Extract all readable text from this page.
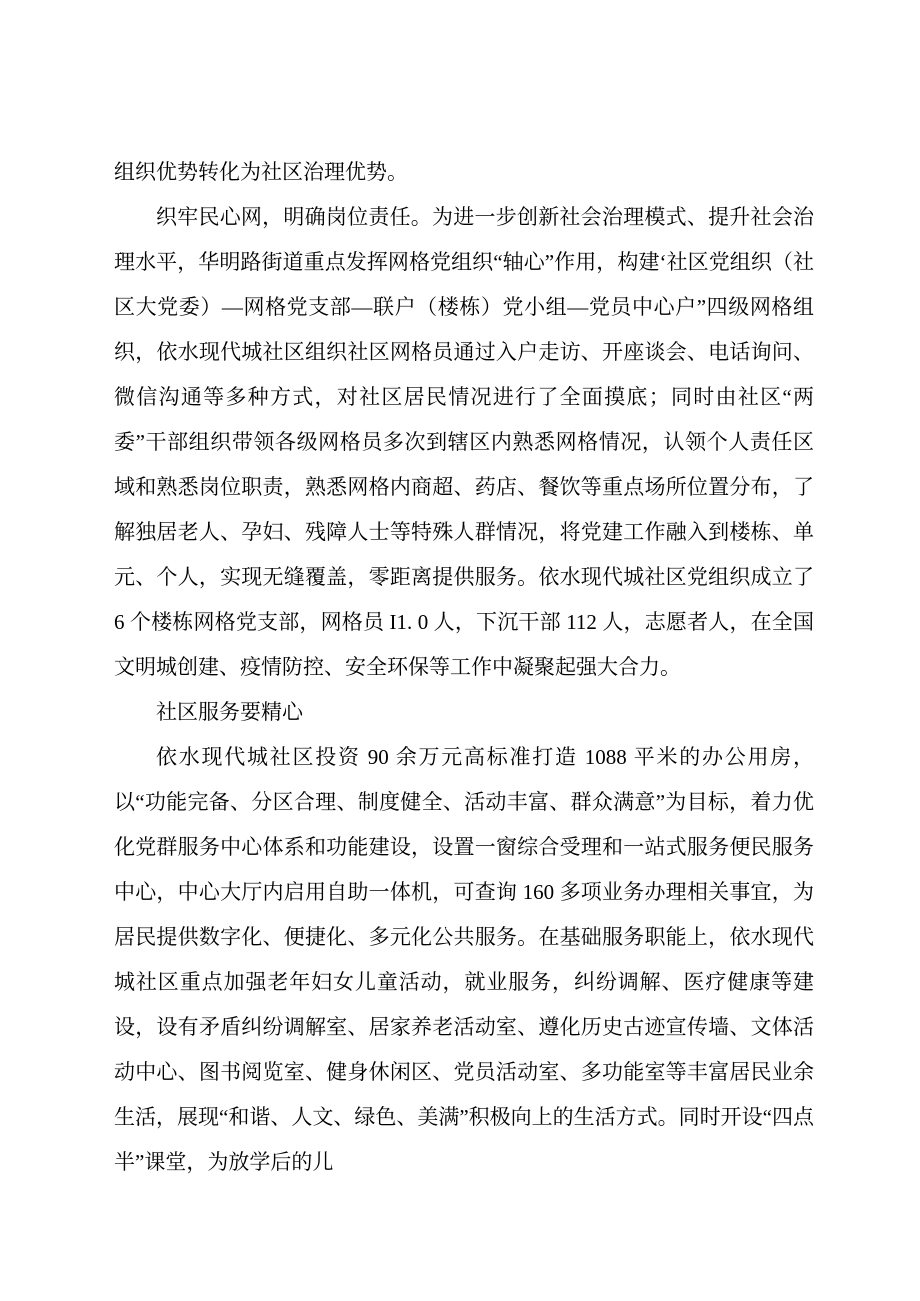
组织优势转化为社区治理优势。

织牢民心网，明确岗位责任。为进一步创新社会治理模式、提升社会治理水平，华明路街道重点发挥网格党组织“轴心”作用，构建‘社区党组织（社区大党委）—网格党支部—联户（楼栋）党小组—党员中心户”四级网格组织，依水现代城社区组织社区网格员通过入户走访、开座谈会、电话询问、微信沟通等多种方式，对社区居民情况进行了全面摸底；同时由社区“两委”干部组织带领各级网格员多次到辖区内熟悉网格情况，认领个人责任区域和熟悉岗位职责，熟悉网格内商超、药店、餐饮等重点场所位置分布，了解独居老人、孕妇、残障人士等特殊人群情况，将党建工作融入到楼栋、单元、个人，实现无缝覆盖，零距离提供服务。依水现代城社区党组织成立了 6 个楼栋网格党支部，网格员 I1. 0 人，下沉干部 112 人，志愿者人，在全国文明城创建、疫情防控、安全环保等工作中凝聚起强大合力。

社区服务要精心

依水现代城社区投资 90 余万元高标准打造 1088 平米的办公用房，以“功能完备、分区合理、制度健全、活动丰富、群众满意”为目标，着力优化党群服务中心体系和功能建设，设置一窗综合受理和一站式服务便民服务中心，中心大厅内启用自助一体机，可查询 160 多项业务办理相关事宜，为居民提供数字化、便捷化、多元化公共服务。在基础服务职能上，依水现代城社区重点加强老年妇女儿童活动，就业服务，纠纷调解、医疗健康等建设，设有矛盾纠纷调解室、居家养老活动室、遵化历史古迹宣传墙、文体活动中心、图书阅览室、健身休闲区、党员活动室、多功能室等丰富居民业余生活，展现“和谐、人文、绿色、美满”积极向上的生活方式。同时开设“四点半”课堂，为放学后的儿
